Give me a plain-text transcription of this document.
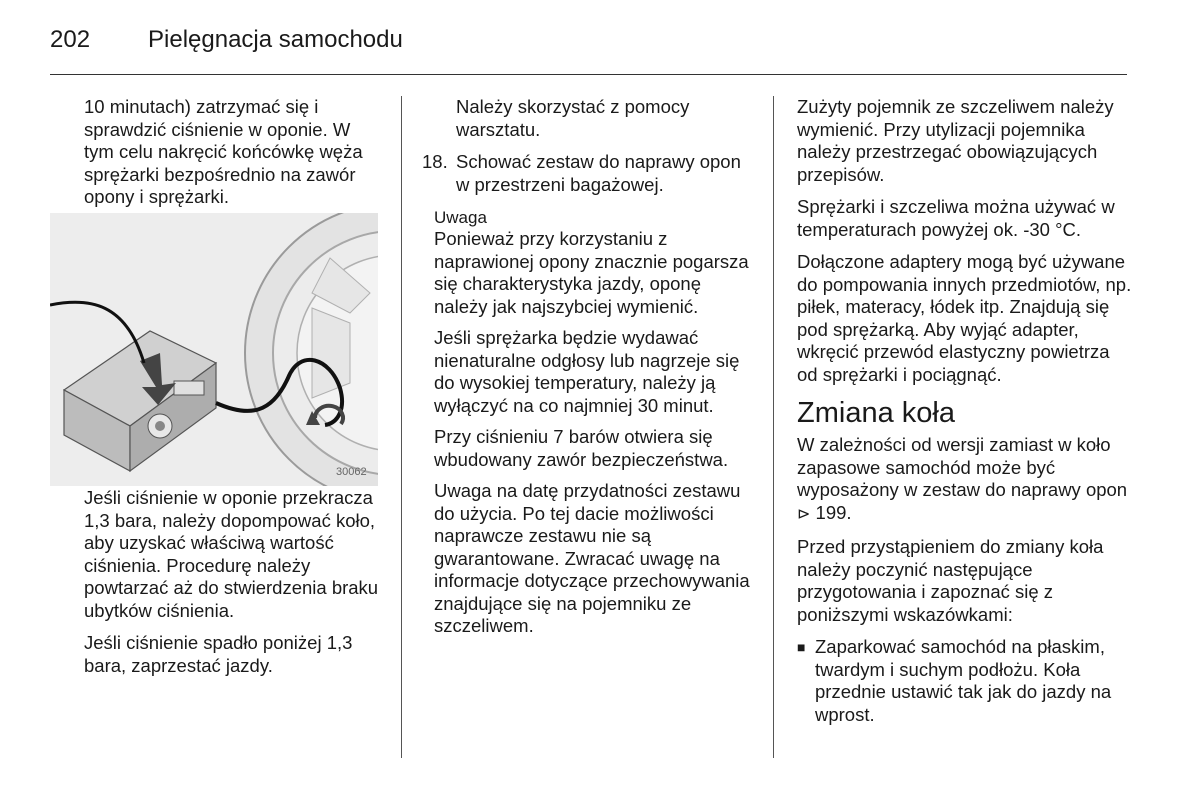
202 Pielęgnacja samochodu

10 minutach) zatrzymać się i sprawdzić ciśnienie w oponie. W tym celu nakręcić końcówkę węża sprężarki bezpośrednio na zawór opony i sprężarki.

30062

Jeśli ciśnienie w oponie przekracza 1,3 bara, należy dopompować koło, aby uzyskać właściwą wartość ciśnienia. Procedurę należy powtarzać aż do stwierdzenia braku ubytków ciśnienia.

Jeśli ciśnienie spadło poniżej 1,3 bara, zaprzestać jazdy.

Należy skorzystać z pomocy warsztatu.

18. Schować zestaw do naprawy opon w przestrzeni bagażowej.
Uwaga

Ponieważ przy korzystaniu z naprawionej opony znacznie pogarsza się charakterystyka jazdy, oponę należy jak najszybciej wymienić.

Jeśli sprężarka będzie wydawać nienaturalne odgłosy lub nagrzeje się do wysokiej temperatury, należy ją wyłączyć na co najmniej 30 minut.

Przy ciśnieniu 7 barów otwiera się wbudowany zawór bezpieczeństwa.

Uwaga na datę przydatności zestawu do użycia. Po tej dacie możliwości naprawcze zestawu nie są gwarantowane. Zwracać uwagę na informacje dotyczące przechowywania znajdujące się na pojemniku ze szczeliwem.

Zużyty pojemnik ze szczeliwem należy wymienić. Przy utylizacji pojemnika należy przestrzegać obowiązujących przepisów.

Sprężarki i szczeliwa można używać w temperaturach powyżej ok. -30 °C.

Dołączone adaptery mogą być używane do pompowania innych przedmiotów, np. piłek, materacy, łódek itp. Znajdują się pod sprężarką. Aby wyjąć adapter, wkręcić przewód elastyczny powietrza od sprężarki i pociągnąć.

Zmiana koła

W zależności od wersji zamiast w koło zapasowe samochód może być wyposażony w zestaw do naprawy opon ⊳ 199.

Przed przystąpieniem do zmiany koła należy poczynić następujące przygotowania i zapoznać się z poniższymi wskazówkami:

■ Zaparkować samochód na płaskim, twardym i suchym podłożu. Koła przednie ustawić tak jak do jazdy na wprost.
